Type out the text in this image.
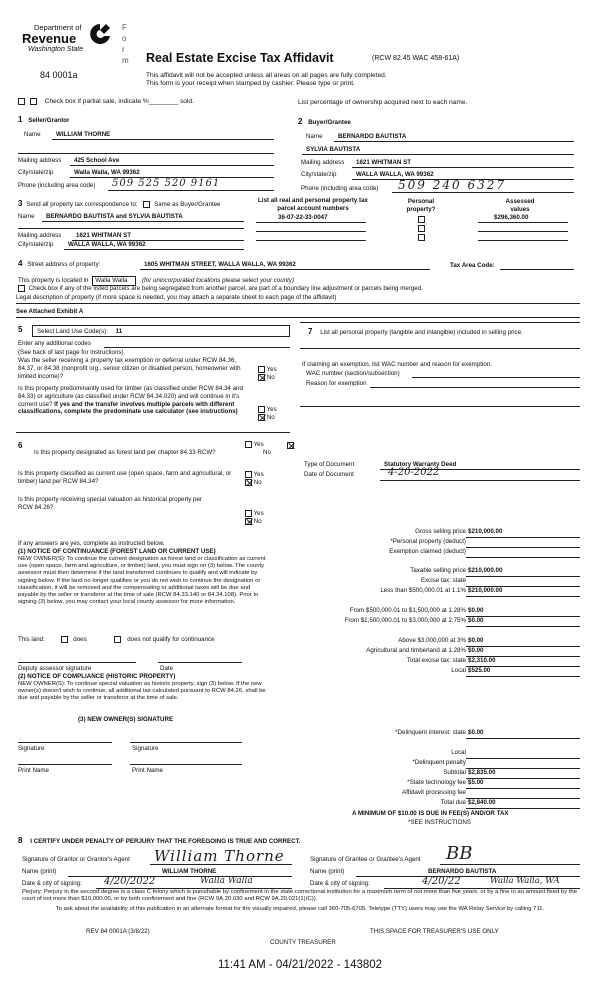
Department of
Revenue
Washington State
F
o
r
m
84 0001a
Real Estate Excise Tax Affidavit	(RCW 82.45 WAC 458-61A)
This affidavit will not be accepted unless all areas on all pages are fully completed.
This form is your receipt when stamped by cashier. Please type or print.
Check box if partial sale, indicate %________ sold.	List percentage of ownership acquired next to each name.
1 Seller/Grantor
Name WILLIAM THORNE
Mailing address 425 School Ave
City/state/zip	Walla Walla, WA 99362
Phone (including area code) 509 525 520 9161
2 Buyer/Grantee
Name BERNARDO BAUTISTA
SYLVIA BAUTISTA
Mailing address 1621 WHITMAN ST
City/state/zip	WALLA WALLA, WA 99362
Phone (including area code) 509 240 6327
3 Send all property tax correspondence to:	Same as Buyer/Grantee
Name BERNARDO BAUTISTA and SYLVIA BAUTISTA
Mailing address 1621 WHITMAN ST
City/state/zip WALLA WALLA, WA 99362
List all real and personal property tax
parcel account numbers
36-07-22-33-0047
Personal
property?
Assessed
values
$296,360.00
4 Street address of property:	1605 WHITMAN STREET, WALLA WALLA, WA 99362	Tax Area Code:
This property is located in Walla Walla (for unincorporated locations please select your county)
Check box if any of the listed parcels are being segregated from another parcel, are part of a boundary line adjustment or parcels being merged.
Legal description of property (if more space is needed, you may attach a separate sheet to each page of the affidavit)
See Attached Exhibit A
5	Select Land Use Code(s): 11
Enter any additional codes
(See back of last page for instructions)
Was the seller receiving a property tax exemption or deferral under RCW 84.36, 84.37, or 84.38 (nonprofit org., senior citizen or disabled person, homeowner with limited income)?
Yes
No
Is this property predominantly used for timber (as classified under RCW 84.34 and 84.33) or agriculture (as classified under RCW 84.34.020) and will continue in it's current use? If yes and the transfer involves multiple parcels with different classifications, complete the predominate use calculator (see instructions)	Yes
No
7 List all personal property (tangible and intangible) included in selling price.
If claiming an exemption, list WAC number and reason for exemption.
WAC number (section/subsection)
Reason for exemption
6
Is this property designated as forest land per chapter 84.33 RCW?
Yes
No
Is this property classified as current use (open space, farm and agricultural, or timber) land per RCW 84.34?
Yes
No
Is this property receiving special valuation as historical property per RCW 84.26?
Yes
No
If any answers are yes, complete as instructed below.
(1) NOTICE OF CONTINUANCE (FOREST LAND OR CURRENT USE)
NEW OWNER(S): To continue the current designation as forest land or classification as current use (open space, farm and agriculture, or timber) land, you must sign on (3) below. The county assessor must then determine if the land transferred continues to qualify and will indicate by signing below. If the land no longer qualifies or you do not wish to continue the designation or classification, it will be removed and the compensating or additional taxes will be due and payable by the seller or transferor at the time of sale (RCW 84.33.140 or 84.34.108). Prior to signing (3) below, you may contact your local county assessor for more information.
This land:	does	does not qualify for continuance
Deputy assessor signature	Date
(2) NOTICE OF COMPLIANCE (HISTORIC PROPERTY)
NEW OWNER(S): To continue special valuation as historic property, sign (3) below. If the new owner(s) doesn't wish to continue, all additional tax calculated pursuant to RCW 84.26, shall be due and payable by the seller or transferor at the time of sale.
(3) NEW OWNER(S) SIGNATURE
Signature	Signature
Print Name	Print Name
Type of Document	Statutory Warranty Deed
Date of Document	4-20-2022
Gross selling price $210,000.00
*Personal property (deduct)
Exemption claimed (deduct)
Taxable selling price $210,000.00
Excise tax: state
Less than $500,000.01 at 1.1% $210,000.00
From $500,000.01 to $1,500,000 at 1.28% $0.00
From $1,500,000.01 to $3,000,000 at 2.75% $0.00
Above $3,000,000 at 3% $0.00
Agricultural and timberland at 1.28% $0.00
Total excise tax: state $2,310.00
Local $525.00
*Delinquent interest: state $0.00
Local
*Delinquent penalty
Subtotal $2,835.00
*State technology fee $5.00
Affidavit processing fee
Total due $2,840.00
A MINIMUM OF $10.00 IS DUE IN FEE(S) AND/OR TAX
*SEE INSTRUCTIONS
8 I CERTIFY UNDER PENALTY OF PERJURY THAT THE FOREGOING IS TRUE AND CORRECT.
Signature of Grantor or Grantor's Agent William Thorne	Signature of Grantee or Grantee's Agent BB
Name (print)	WILLIAM THORNE	Name (print)	BERNARDO BAUTISTA
Date & city of signing: 4/20/2022	Walla Walla	Date & city of signing:	4/20/22	Walla Walla, WA
Perjury: Perjury in the second degree is a class C felony which is punishable by confinement in the state correctional institution for a maximum term of not more than five years, or by a fine in an amount fixed by the court of not more than $10,000.00, or by both confinement and fine (RCW 9A.20.030 and RCW 9A.20.021(1)(C)).
To ask about the availability of this publication in an alternate format for the visually impaired, please call 360-705-6705. Teletype (TTY) users may use the WA Relay Service by calling 711.
REV 84 0001A (3/8/22)	THIS SPACE FOR TREASURER'S USE ONLY
COUNTY TREASURER
11:41 AM - 04/21/2022 - 143802
